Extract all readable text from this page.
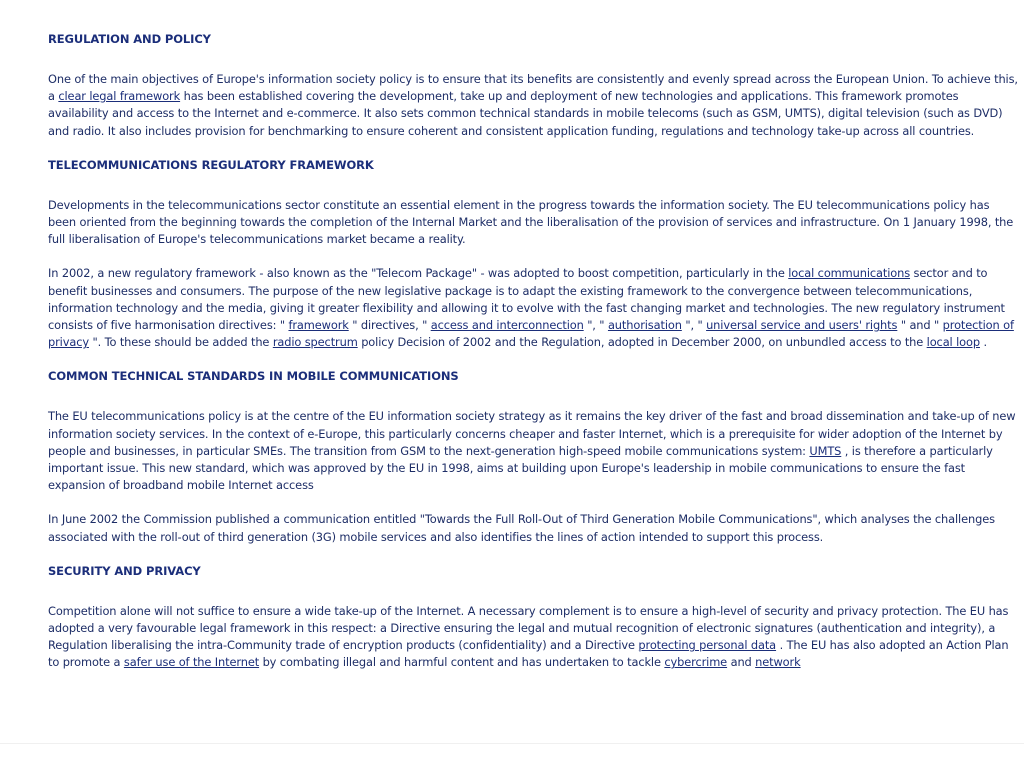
REGULATION AND POLICY

One of the main objectives of Europe's information society policy is to ensure that its benefits are consistently and evenly spread across the European Union. To achieve this, a clear legal framework has been established covering the development, take up and deployment of new technologies and applications. This framework promotes availability and access to the Internet and e-commerce. It also sets common technical standards in mobile telecoms (such as GSM, UMTS), digital television (such as DVD) and radio. It also includes provision for benchmarking to ensure coherent and consistent application funding, regulations and technology take-up across all countries.

TELECOMMUNICATIONS REGULATORY FRAMEWORK

Developments in the telecommunications sector constitute an essential element in the progress towards the information society. The EU telecommunications policy has been oriented from the beginning towards the completion of the Internal Market and the liberalisation of the provision of services and infrastructure. On 1 January 1998, the full liberalisation of Europe's telecommunications market became a reality.

In 2002, a new regulatory framework - also known as the "Telecom Package" - was adopted to boost competition, particularly in the local communications sector and to benefit businesses and consumers. The purpose of the new legislative package is to adapt the existing framework to the convergence between telecommunications, information technology and the media, giving it greater flexibility and allowing it to evolve with the fast changing market and technologies. The new regulatory instrument consists of five harmonisation directives: " framework " directives, " access and interconnection ", " authorisation ", " universal service and users' rights " and " protection of privacy ". To these should be added the radio spectrum policy Decision of 2002 and the Regulation, adopted in December 2000, on unbundled access to the local loop .

COMMON TECHNICAL STANDARDS IN MOBILE COMMUNICATIONS

The EU telecommunications policy is at the centre of the EU information society strategy as it remains the key driver of the fast and broad dissemination and take-up of new information society services. In the context of e-Europe, this particularly concerns cheaper and faster Internet, which is a prerequisite for wider adoption of the Internet by people and businesses, in particular SMEs. The transition from GSM to the next-generation high-speed mobile communications system: UMTS , is therefore a particularly important issue. This new standard, which was approved by the EU in 1998, aims at building upon Europe's leadership in mobile communications to ensure the fast expansion of broadband mobile Internet access

In June 2002 the Commission published a communication entitled "Towards the Full Roll-Out of Third Generation Mobile Communications", which analyses the challenges associated with the roll-out of third generation (3G) mobile services and also identifies the lines of action intended to support this process.

SECURITY AND PRIVACY

Competition alone will not suffice to ensure a wide take-up of the Internet. A necessary complement is to ensure a high-level of security and privacy protection. The EU has adopted a very favourable legal framework in this respect: a Directive ensuring the legal and mutual recognition of electronic signatures (authentication and integrity), a Regulation liberalising the intra-Community trade of encryption products (confidentiality) and a Directive protecting personal data . The EU has also adopted an Action Plan to promote a safer use of the Internet by combating illegal and harmful content and has undertaken to tackle cybercrime and network
